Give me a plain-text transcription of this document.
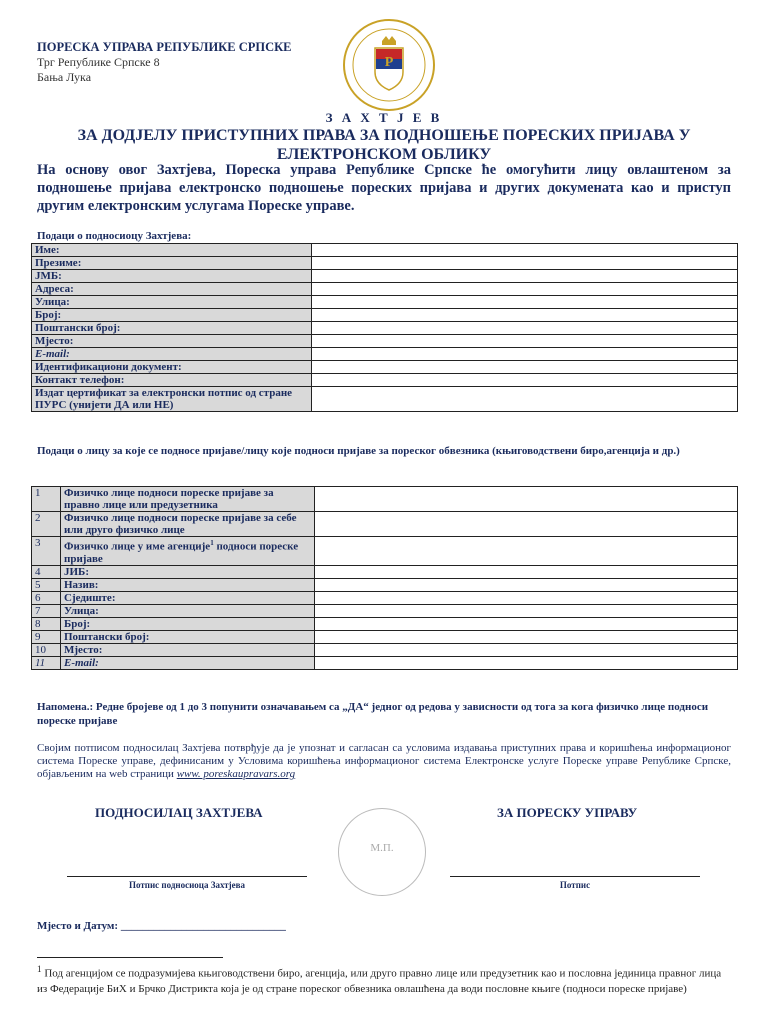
ПОРЕСКА УПРАВА РЕПУБЛИКЕ СРПСКЕ
Трг Републике Српске 8
Бања Лука
P
З А Х Т Ј Е В
ЗА ДОДЈЕЛУ ПРИСТУПНИХ ПРАВА ЗА ПОДНОШЕЊЕ ПОРЕСКИХ ПРИЈАВА У
ЕЛЕКТРОНСКОМ ОБЛИКУ
На основу овог Захтјева, Пореска управа Републике Српске ће омогућити лицу овлаштеном за подношење пријава електронско подношење пореских пријава и других докумената као и приступ другим електронским услугама Пореске управе.
Подаци о подносиоцу Захтјева:
Име:	
Презиме:	
ЈМБ:	
Адреса:	
Улица:	
Број:	
Поштански број:	
Мјесто:	
E-mail:	
Идентификациони документ:	
Контакт телефон:	
Издат цертификат за електронски потпис од стране ПУРС (унијети ДА или НЕ)	
Подаци о лицу за које се подносе пријаве/лицу које подноси пријаве за пореског обвезника (књиговодствени биро,агенција и др.)
1	Физичко лице подноси пореске пријаве за правно лице или предузетника	
2	Физичко лице подноси пореске пријаве за себе или друго физичко лице	
3	Физичко лице у име агенције$^1$ подноси пореске пријаве	
4	ЈИБ:	
5	Назив:	
6	Сједиште:	
7	Улица:	
8	Број:	
9	Поштански број:	
10	Мјесто:	
11	E-mail:	
Напомена.: Редне бројеве од 1 до 3 попунити означавањем са „ДА“ једног од редова у зависности од тога за кога физичко лице подноси пореске пријаве
Својим потписом подносилац Захтјева потврђује да је упознат и сагласан са условима издавања приступних права и коришћења информационог система Пореске управе, дефинисаним у Условима коришћења информационог система Електронске услуге Пореске управе Републике Српске, објављеним на web страници www. poreskaupravars.org
ПОДНОСИЛАЦ ЗАХТЈЕВА	ЗА ПОРЕСКУ УПРАВУ
М.П.
Потпис подносиоца Захтјева	Потпис
Мјесто и Датум: ______________________________
$^1$ Под агенцијом се подразумијева књиговодствени биро, агенција, или друго правно лице или предузетник као и пословна јединица правног лица из Федерације БиХ и Брчко Дистрикта која је од стране пореског обвезника овлашћена да води пословне књиге (подноси пореске пријаве)
